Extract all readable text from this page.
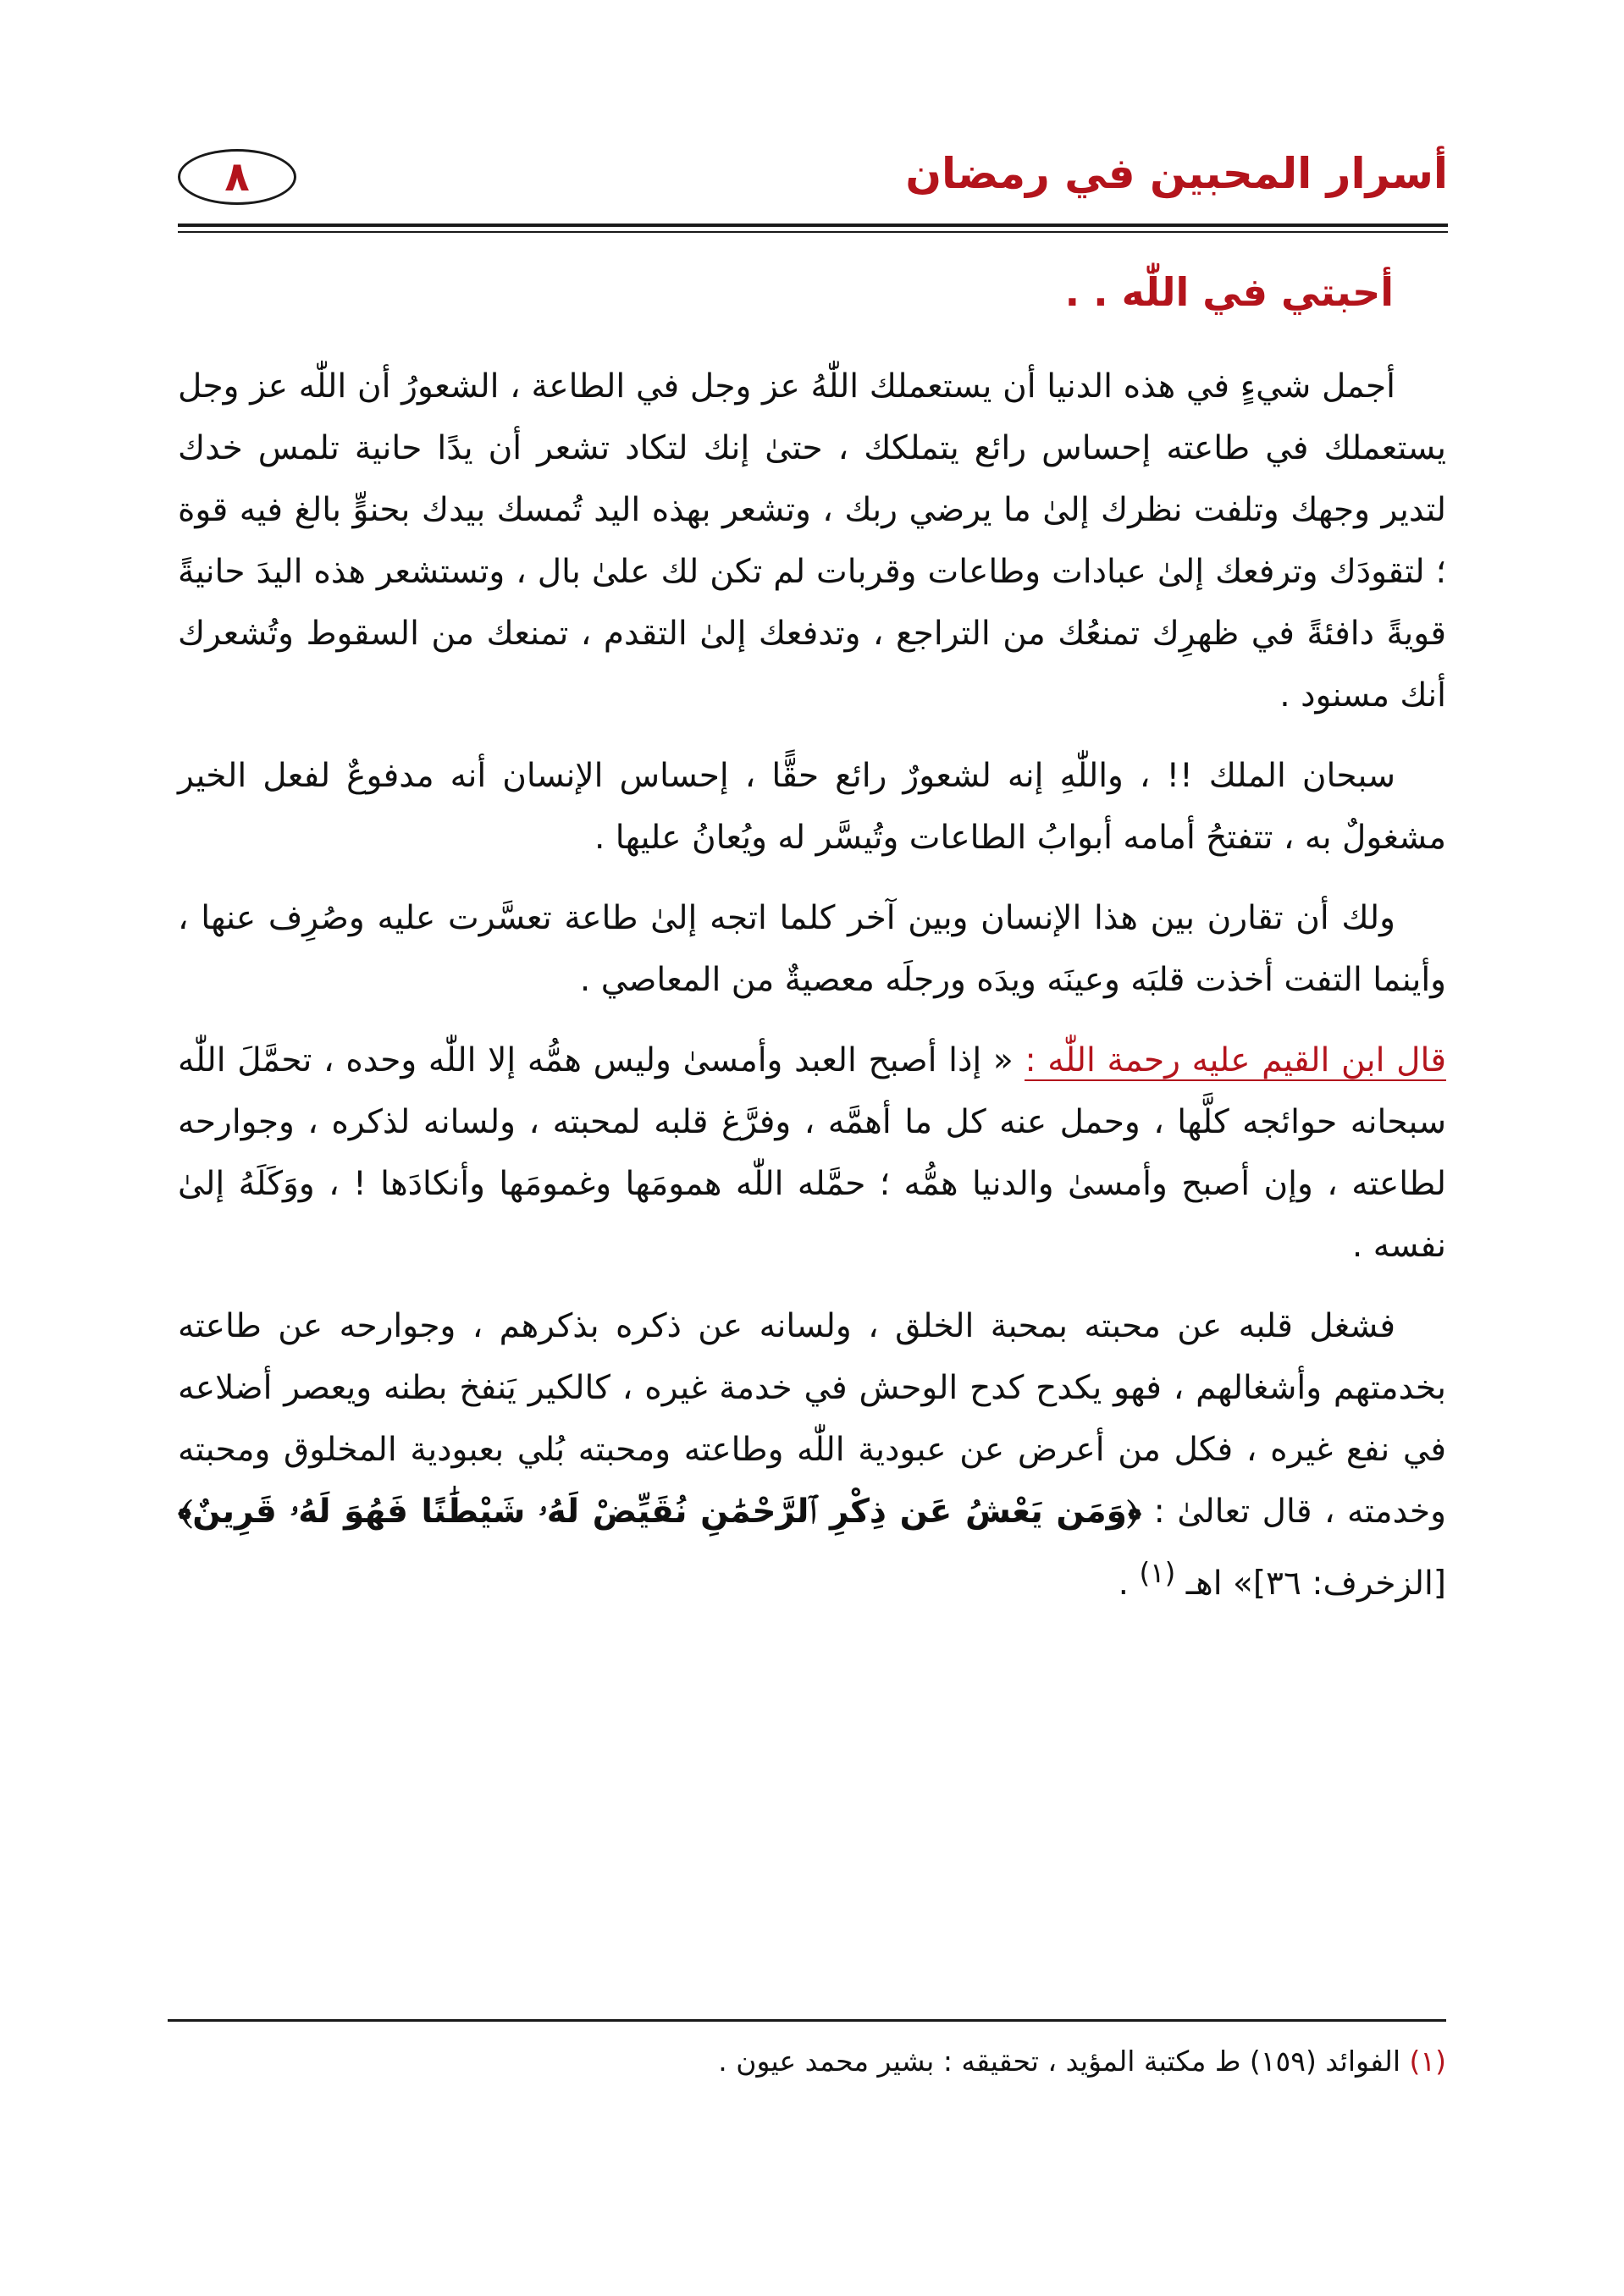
أسرار المحبين في رمضان
٨
أحبتي في اللّٰه . .

أجمل شيءٍ في هذه الدنيا أن يستعملك اللّٰهُ عز وجل في الطاعة ، الشعورُ أن اللّٰه عز وجل يستعملك في طاعته إحساس رائع يتملكك ، حتىٰ إنك لتكاد تشعر أن يدًا حانية تلمس خدك لتدير وجهك وتلفت نظرك إلىٰ ما يرضي ربك ، وتشعر بهذه اليد تُمسك بيدك بحنوٍّ بالغ فيه قوة ؛ لتقودَك وترفعك إلىٰ عبادات وطاعات وقربات لم تكن لك علىٰ بال ، وتستشعر هذه اليدَ حانيةً قويةً دافئةً في ظهرِك تمنعُك من التراجع ، وتدفعك إلىٰ التقدم ، تمنعك من السقوط وتُشعرك أنك مسنود .

سبحان الملك !! ، واللّٰهِ إنه لشعورٌ رائع حقًّا ، إحساس الإنسان أنه مدفوعٌ لفعل الخير مشغولٌ به ، تتفتحُ أمامه أبوابُ الطاعات وتُيسَّر له ويُعانُ عليها .

ولك أن تقارن بين هذا الإنسان وبين آخر كلما اتجه إلىٰ طاعة تعسَّرت عليه وصُرِف عنها ، وأينما التفت أخذت قلبَه وعينَه ويدَه ورجلَه معصيةٌ من المعاصي .

قال ابن القيم عليه رحمة اللّٰه : « إذا أصبح العبد وأمسىٰ وليس همُّه إلا اللّٰه وحده ، تحمَّلَ اللّٰه سبحانه حوائجه كلَّها ، وحمل عنه كل ما أهمَّه ، وفرَّغ قلبه لمحبته ، ولسانه لذكره ، وجوارحه لطاعته ، وإن أصبح وأمسىٰ والدنيا همُّه ؛ حمَّله اللّٰه همومَها وغمومَها وأنكادَها ! ، ووَكَلَهُ إلىٰ نفسه .

فشغل قلبه عن محبته بمحبة الخلق ، ولسانه عن ذكره بذكرهم ، وجوارحه عن طاعته بخدمتهم وأشغالهم ، فهو يكدح كدح الوحش في خدمة غيره ، كالكير يَنفخ بطنه ويعصر أضلاعه في نفع غيره ، فكل من أعرض عن عبودية اللّٰه وطاعته ومحبته بُلي بعبودية المخلوق ومحبته وخدمته ، قال تعالىٰ : ﴿وَمَن يَعْشُ عَن ذِكْرِ ٱلرَّحْمَٰنِ نُقَيِّضْ لَهُۥ شَيْطَٰنًا فَهُوَ لَهُۥ قَرِينٌ﴾ [الزخرف: ٣٦]» اهـ $^{(١)}$ .

(١) الفوائد (١٥٩) ط مكتبة المؤيد ، تحقيقه : بشير محمد عيون .
